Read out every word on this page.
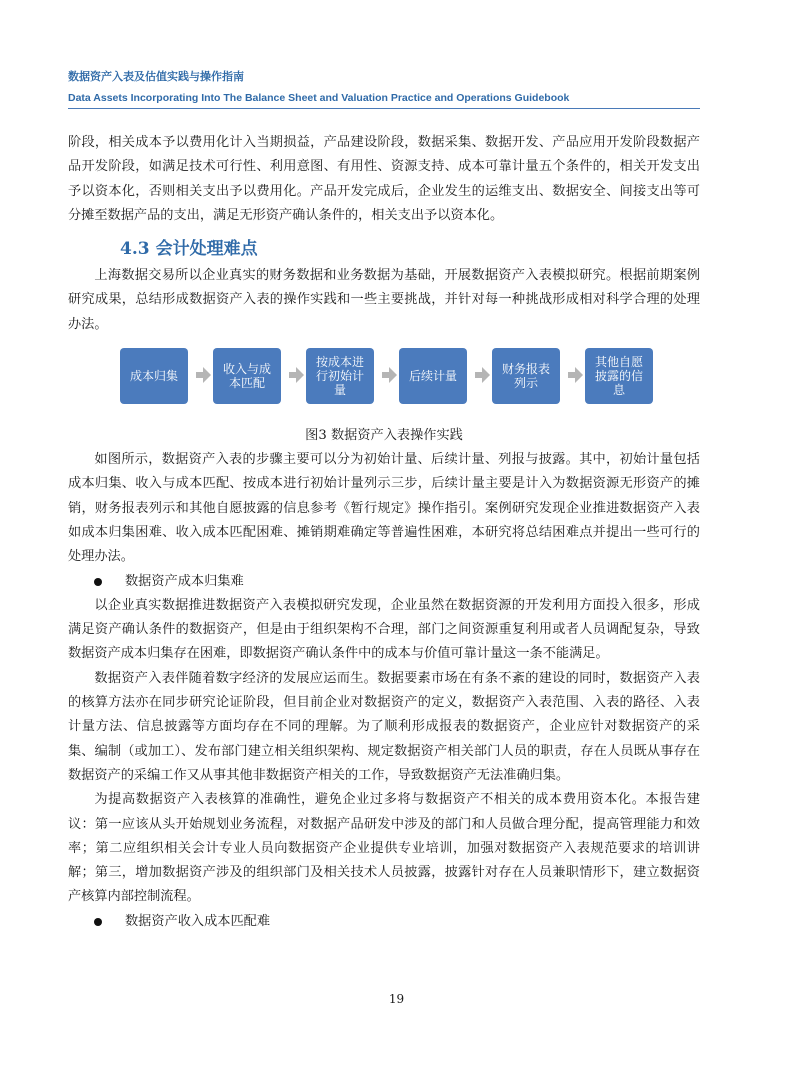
数据资产入表及估值实践与操作指南
Data Assets Incorporating Into The Balance Sheet and Valuation Practice and Operations Guidebook

阶段，相关成本予以费用化计入当期损益，产品建设阶段，数据采集、数据开发、产品应用开发阶段数据产品开发阶段，如满足技术可行性、利用意图、有用性、资源支持、成本可靠计量五个条件的，相关开发支出予以资本化，否则相关支出予以费用化。产品开发完成后，企业发生的运维支出、数据安全、间接支出等可分摊至数据产品的支出，满足无形资产确认条件的，相关支出予以资本化。

4.3 会计处理难点

上海数据交易所以企业真实的财务数据和业务数据为基础，开展数据资产入表模拟研究。根据前期案例研究成果，总结形成数据资产入表的操作实践和一些主要挑战，并针对每一种挑战形成相对科学合理的处理办法。

成本归集	收入与成本匹配
按成本进行初始计量
后续计量	财务报表列示
其他自愿披露的信息
图3 数据资产入表操作实践

如图所示，数据资产入表的步骤主要可以分为初始计量、后续计量、列报与披露。其中，初始计量包括成本归集、收入与成本匹配、按成本进行初始计量列示三步，后续计量主要是计入为数据资源无形资产的摊销，财务报表列示和其他自愿披露的信息参考《暂行规定》操作指引。案例研究发现企业推进数据资产入表如成本归集困难、收入成本匹配困难、摊销期难确定等普遍性困难，本研究将总结困难点并提出一些可行的处理办法。

数据资产成本归集难

以企业真实数据推进数据资产入表模拟研究发现，企业虽然在数据资源的开发利用方面投入很多，形成满足资产确认条件的数据资产，但是由于组织架构不合理，部门之间资源重复利用或者人员调配复杂，导致数据资产成本归集存在困难，即数据资产确认条件中的成本与价值可靠计量这一条不能满足。

数据资产入表伴随着数字经济的发展应运而生。数据要素市场在有条不紊的建设的同时，数据资产入表的核算方法亦在同步研究论证阶段，但目前企业对数据资产的定义，数据资产入表范围、入表的路径、入表计量方法、信息披露等方面均存在不同的理解。为了顺利形成报表的数据资产，企业应针对数据资产的采集、编制（或加工）、发布部门建立相关组织架构、规定数据资产相关部门人员的职责，存在人员既从事存在数据资产的采编工作又从事其他非数据资产相关的工作，导致数据资产无法准确归集。

为提高数据资产入表核算的准确性，避免企业过多将与数据资产不相关的成本费用资本化。本报告建议：第一应该从头开始规划业务流程，对数据产品研发中涉及的部门和人员做合理分配，提高管理能力和效率；第二应组织相关会计专业人员向数据资产企业提供专业培训，加强对数据资产入表规范要求的培训讲解；第三，增加数据资产涉及的组织部门及相关技术人员披露，披露针对存在人员兼职情形下，建立数据资产核算内部控制流程。

数据资产收入成本匹配难

19
